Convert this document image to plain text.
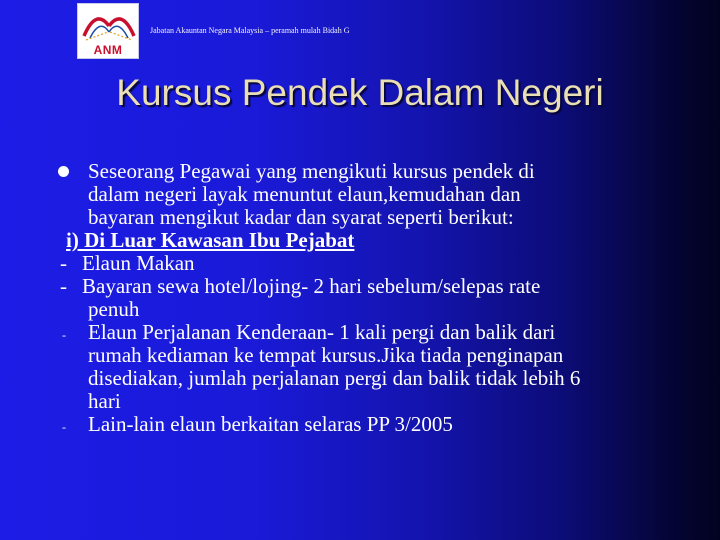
ANM
Jabatan Akauntan Negara Malaysia – peramah mulah Bidah G
Kursus Pendek Dalam Negeri
Seseorang Pegawai yang mengikuti kursus pendek di
dalam negeri layak menuntut elaun,kemudahan dan
bayaran mengikut kadar dan syarat seperti berikut:
i) Di Luar Kawasan Ibu Pejabat
- Elaun Makan
- Bayaran sewa hotel/lojing- 2 hari sebelum/selepas rate
penuh
- Elaun Perjalanan Kenderaan- 1 kali pergi dan balik dari
rumah kediaman ke tempat kursus.Jika tiada penginapan
disediakan, jumlah perjalanan pergi dan balik tidak lebih 6
hari
- Lain-lain elaun berkaitan selaras PP 3/2005
